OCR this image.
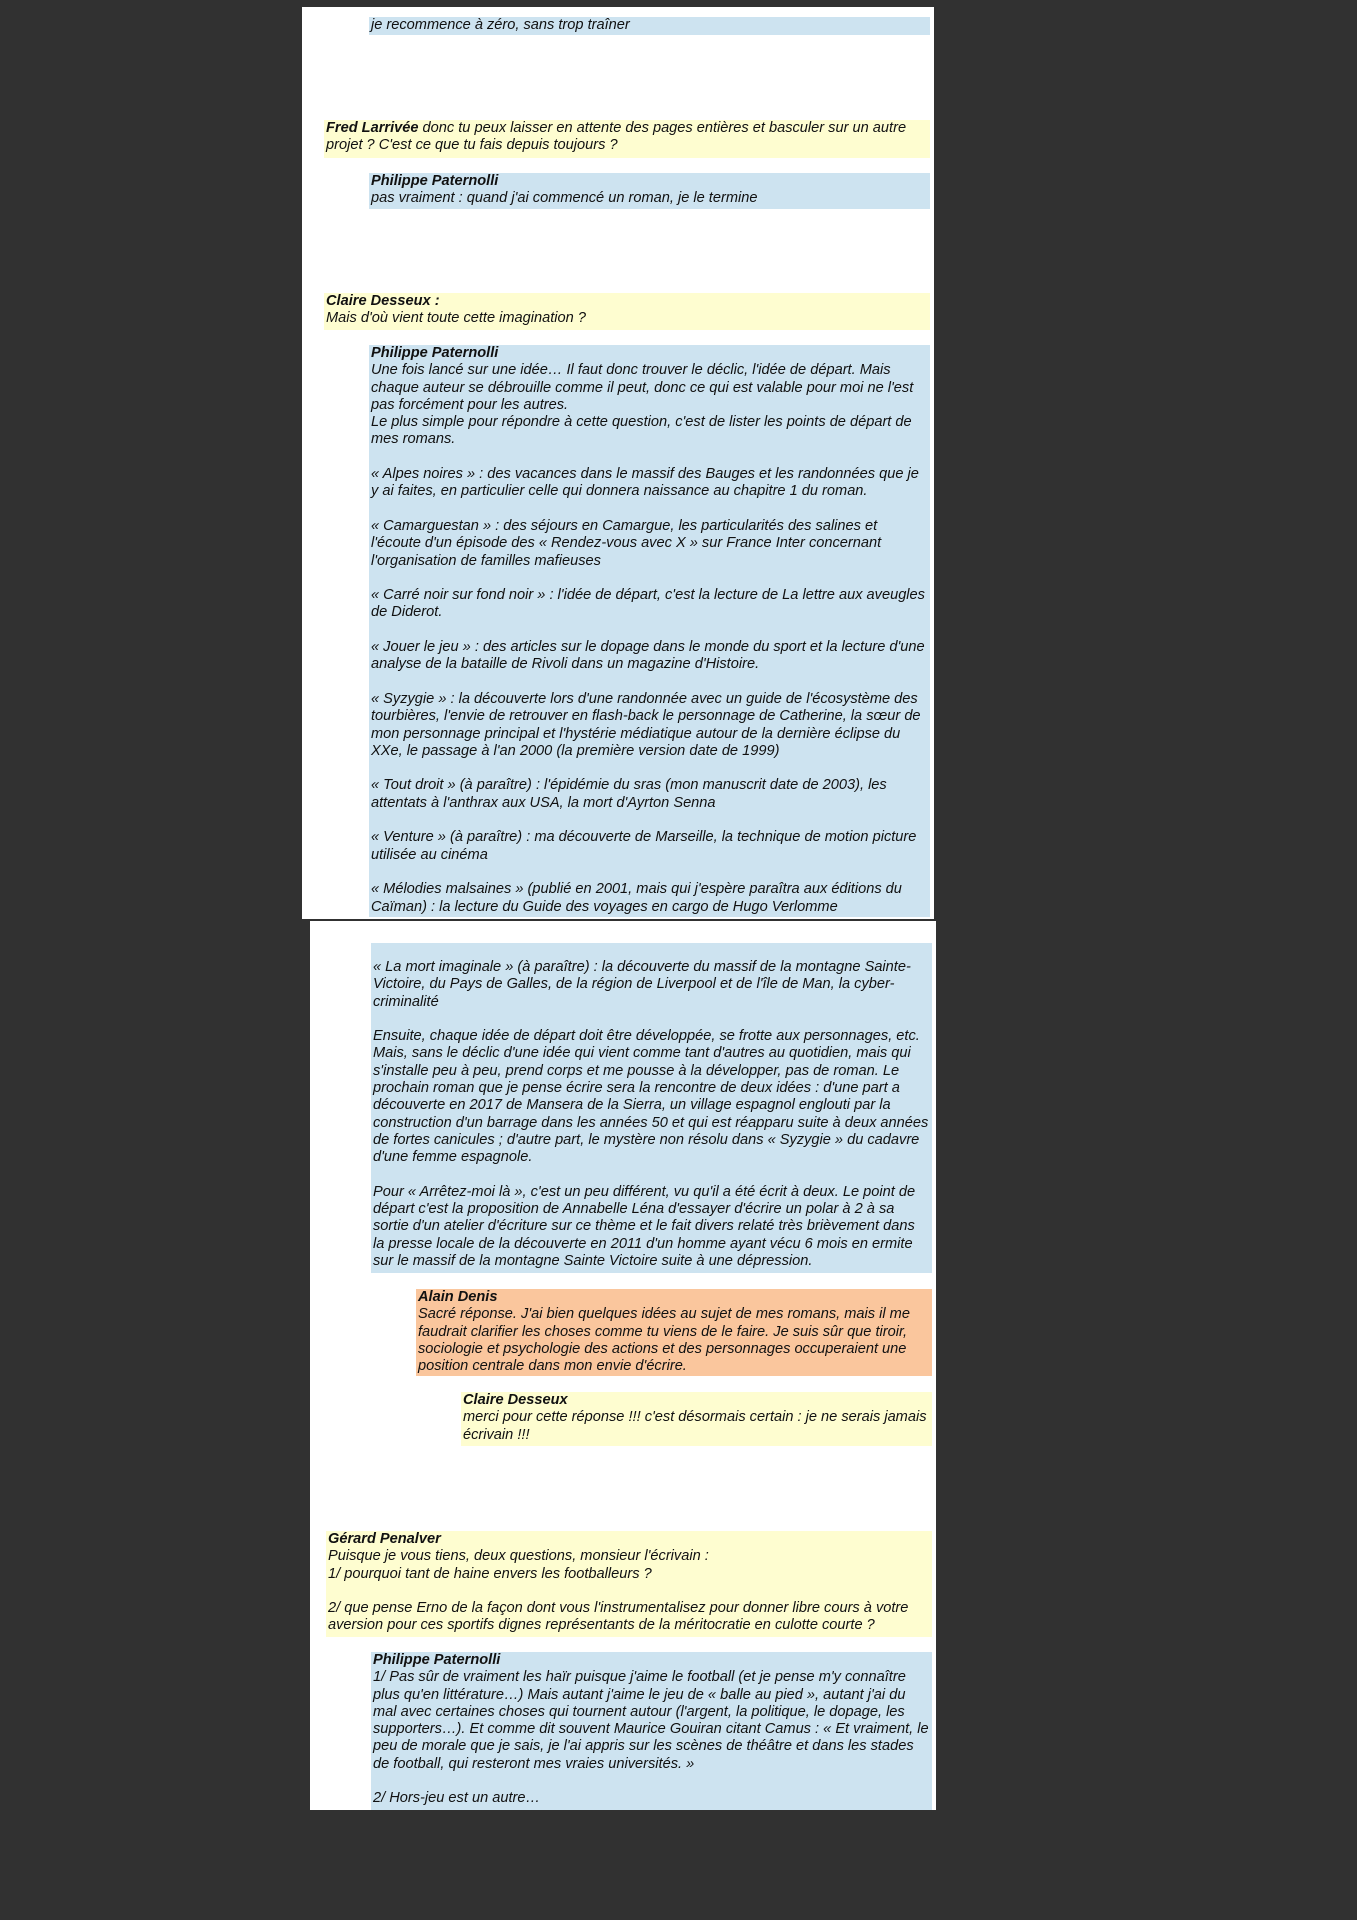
je recommence à zéro, sans trop traîner
Fred Larrivée donc tu peux laisser en attente des pages entières et basculer sur un autre projet ? C'est ce que tu fais depuis toujours ?
Philippe Paternolli
pas vraiment : quand j'ai commencé un roman, je le termine
Claire Desseux :
Mais d'où vient toute cette imagination ?
Philippe Paternolli
Une fois lancé sur une idée… Il faut donc trouver le déclic, l'idée de départ. Mais chaque auteur se débrouille comme il peut, donc ce qui est valable pour moi ne l'est pas forcément pour les autres.
Le plus simple pour répondre à cette question, c'est de lister les points de départ de mes romans.
« Alpes noires » : des vacances dans le massif des Bauges et les randonnées que je y ai faites, en particulier celle qui donnera naissance au chapitre 1 du roman.
« Camarguestan » : des séjours en Camargue, les particularités des salines et l'écoute d'un épisode des « Rendez-vous avec X » sur France Inter concernant l'organisation de familles mafieuses
« Carré noir sur fond noir » : l'idée de départ, c'est la lecture de La lettre aux aveugles de Diderot.
« Jouer le jeu » : des articles sur le dopage dans le monde du sport et la lecture d'une analyse de la bataille de Rivoli dans un magazine d'Histoire.
« Syzygie » : la découverte lors d'une randonnée avec un guide de l'écosystème des tourbières, l'envie de retrouver en flash-back le personnage de Catherine, la sœur de mon personnage principal et l'hystérie médiatique autour de la dernière éclipse du XXe, le passage à l'an 2000 (la première version date de 1999)
« Tout droit » (à paraître) : l'épidémie du sras (mon manuscrit date de 2003), les attentats à l'anthrax aux USA, la mort d'Ayrton Senna
« Venture » (à paraître) : ma découverte de Marseille, la technique de motion picture utilisée au cinéma
« Mélodies malsaines » (publié en 2001, mais qui j'espère paraîtra aux éditions du Caïman) : la lecture du Guide des voyages en cargo de Hugo Verlomme
« La mort imaginale » (à paraître) : la découverte du massif de la montagne Sainte-Victoire, du Pays de Galles, de la région de Liverpool et de l'île de Man, la cyber-criminalité
Ensuite, chaque idée de départ doit être développée, se frotte aux personnages, etc. Mais, sans le déclic d'une idée qui vient comme tant d'autres au quotidien, mais qui s'installe peu à peu, prend corps et me pousse à la développer, pas de roman. Le prochain roman que je pense écrire sera la rencontre de deux idées : d'une part a découverte en 2017 de Mansera de la Sierra, un village espagnol englouti par la construction d'un barrage dans les années 50 et qui est réapparu suite à deux années de fortes canicules ; d'autre part, le mystère non résolu dans « Syzygie » du cadavre d'une femme espagnole.
Pour « Arrêtez-moi là », c'est un peu différent, vu qu'il a été écrit à deux. Le point de départ c'est la proposition de Annabelle Léna d'essayer d'écrire un polar à 2 à sa sortie d'un atelier d'écriture sur ce thème et le fait divers relaté très brièvement dans la presse locale de la découverte en 2011 d'un homme ayant vécu 6 mois en ermite sur le massif de la montagne Sainte Victoire suite à une dépression.
Alain Denis
Sacré réponse. J'ai bien quelques idées au sujet de mes romans, mais il me faudrait clarifier les choses comme tu viens de le faire. Je suis sûr que tiroir, sociologie et psychologie des actions et des personnages occuperaient une position centrale dans mon envie d'écrire.
Claire Desseux
merci pour cette réponse !!! c'est désormais certain : je ne serais jamais écrivain !!!
Gérard Penalver
Puisque je vous tiens, deux questions, monsieur l'écrivain :
1/ pourquoi tant de haine envers les footballeurs ?
2/ que pense Erno de la façon dont vous l'instrumentalisez pour donner libre cours à votre aversion pour ces sportifs dignes représentants de la méritocratie en culotte courte ?
Philippe Paternolli
1/ Pas sûr de vraiment les haïr puisque j'aime le football (et je pense m'y connaître plus qu'en littérature…) Mais autant j'aime le jeu de « balle au pied », autant j'ai du mal avec certaines choses qui tournent autour (l'argent, la politique, le dopage, les supporters…). Et comme dit souvent Maurice Gouiran citant Camus : « Et vraiment, le peu de morale que je sais, je l'ai appris sur les scènes de théâtre et dans les stades de football, qui resteront mes vraies universités. »
2/ Hors-jeu est un autre…
